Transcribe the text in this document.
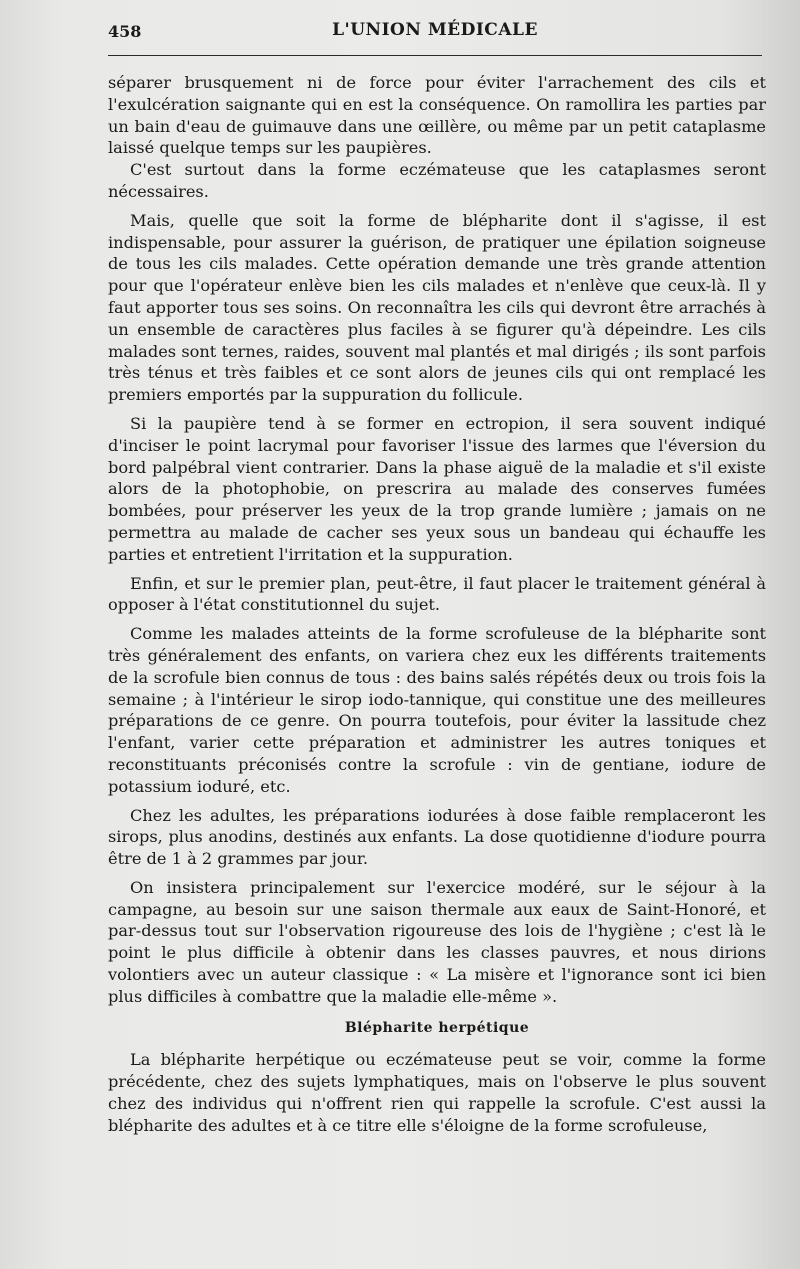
458	L'UNION MÉDICALE

séparer brusquement ni de force pour éviter l'arrachement des cils et l'exulcération saignante qui en est la conséquence. On ramollira les parties par un bain d'eau de guimauve dans une œillère, ou même par un petit cataplasme laissé quelque temps sur les paupières.

C'est surtout dans la forme eczémateuse que les cataplasmes seront nécessaires.

Mais, quelle que soit la forme de blépharite dont il s'agisse, il est indispensable, pour assurer la guérison, de pratiquer une épilation soigneuse de tous les cils malades. Cette opération demande une très grande attention pour que l'opérateur enlève bien les cils malades et n'enlève que ceux-là. Il y faut apporter tous ses soins. On reconnaîtra les cils qui devront être arrachés à un ensemble de caractères plus faciles à se figurer qu'à dépeindre. Les cils malades sont ternes, raides, souvent mal plantés et mal dirigés ; ils sont parfois très ténus et très faibles et ce sont alors de jeunes cils qui ont remplacé les premiers emportés par la suppuration du follicule.

Si la paupière tend à se former en ectropion, il sera souvent indiqué d'inciser le point lacrymal pour favoriser l'issue des larmes que l'éversion du bord palpébral vient contrarier. Dans la phase aiguë de la maladie et s'il existe alors de la photophobie, on prescrira au malade des conserves fumées bombées, pour préserver les yeux de la trop grande lumière ; jamais on ne permettra au malade de cacher ses yeux sous un bandeau qui échauffe les parties et entretient l'irritation et la suppuration.

Enfin, et sur le premier plan, peut-être, il faut placer le traitement général à opposer à l'état constitutionnel du sujet.

Comme les malades atteints de la forme scrofuleuse de la blépharite sont très généralement des enfants, on variera chez eux les différents traitements de la scrofule bien connus de tous : des bains salés répétés deux ou trois fois la semaine ; à l'intérieur le sirop iodo-tannique, qui constitue une des meilleures préparations de ce genre. On pourra toutefois, pour éviter la lassitude chez l'enfant, varier cette préparation et administrer les autres toniques et reconstituants préconisés contre la scrofule : vin de gentiane, iodure de potassium ioduré, etc.

Chez les adultes, les préparations iodurées à dose faible remplaceront les sirops, plus anodins, destinés aux enfants. La dose quotidienne d'iodure pourra être de 1 à 2 grammes par jour.

On insistera principalement sur l'exercice modéré, sur le séjour à la campagne, au besoin sur une saison thermale aux eaux de Saint-Honoré, et par-dessus tout sur l'observation rigoureuse des lois de l'hygiène ; c'est là le point le plus difficile à obtenir dans les classes pauvres, et nous dirions volontiers avec un auteur classique : « La misère et l'ignorance sont ici bien plus difficiles à combattre que la maladie elle-même ».

Blépharite herpétique

La blépharite herpétique ou eczémateuse peut se voir, comme la forme précédente, chez des sujets lymphatiques, mais on l'observe le plus souvent chez des individus qui n'offrent rien qui rappelle la scrofule. C'est aussi la blépharite des adultes et à ce titre elle s'éloigne de la forme scrofuleuse,
